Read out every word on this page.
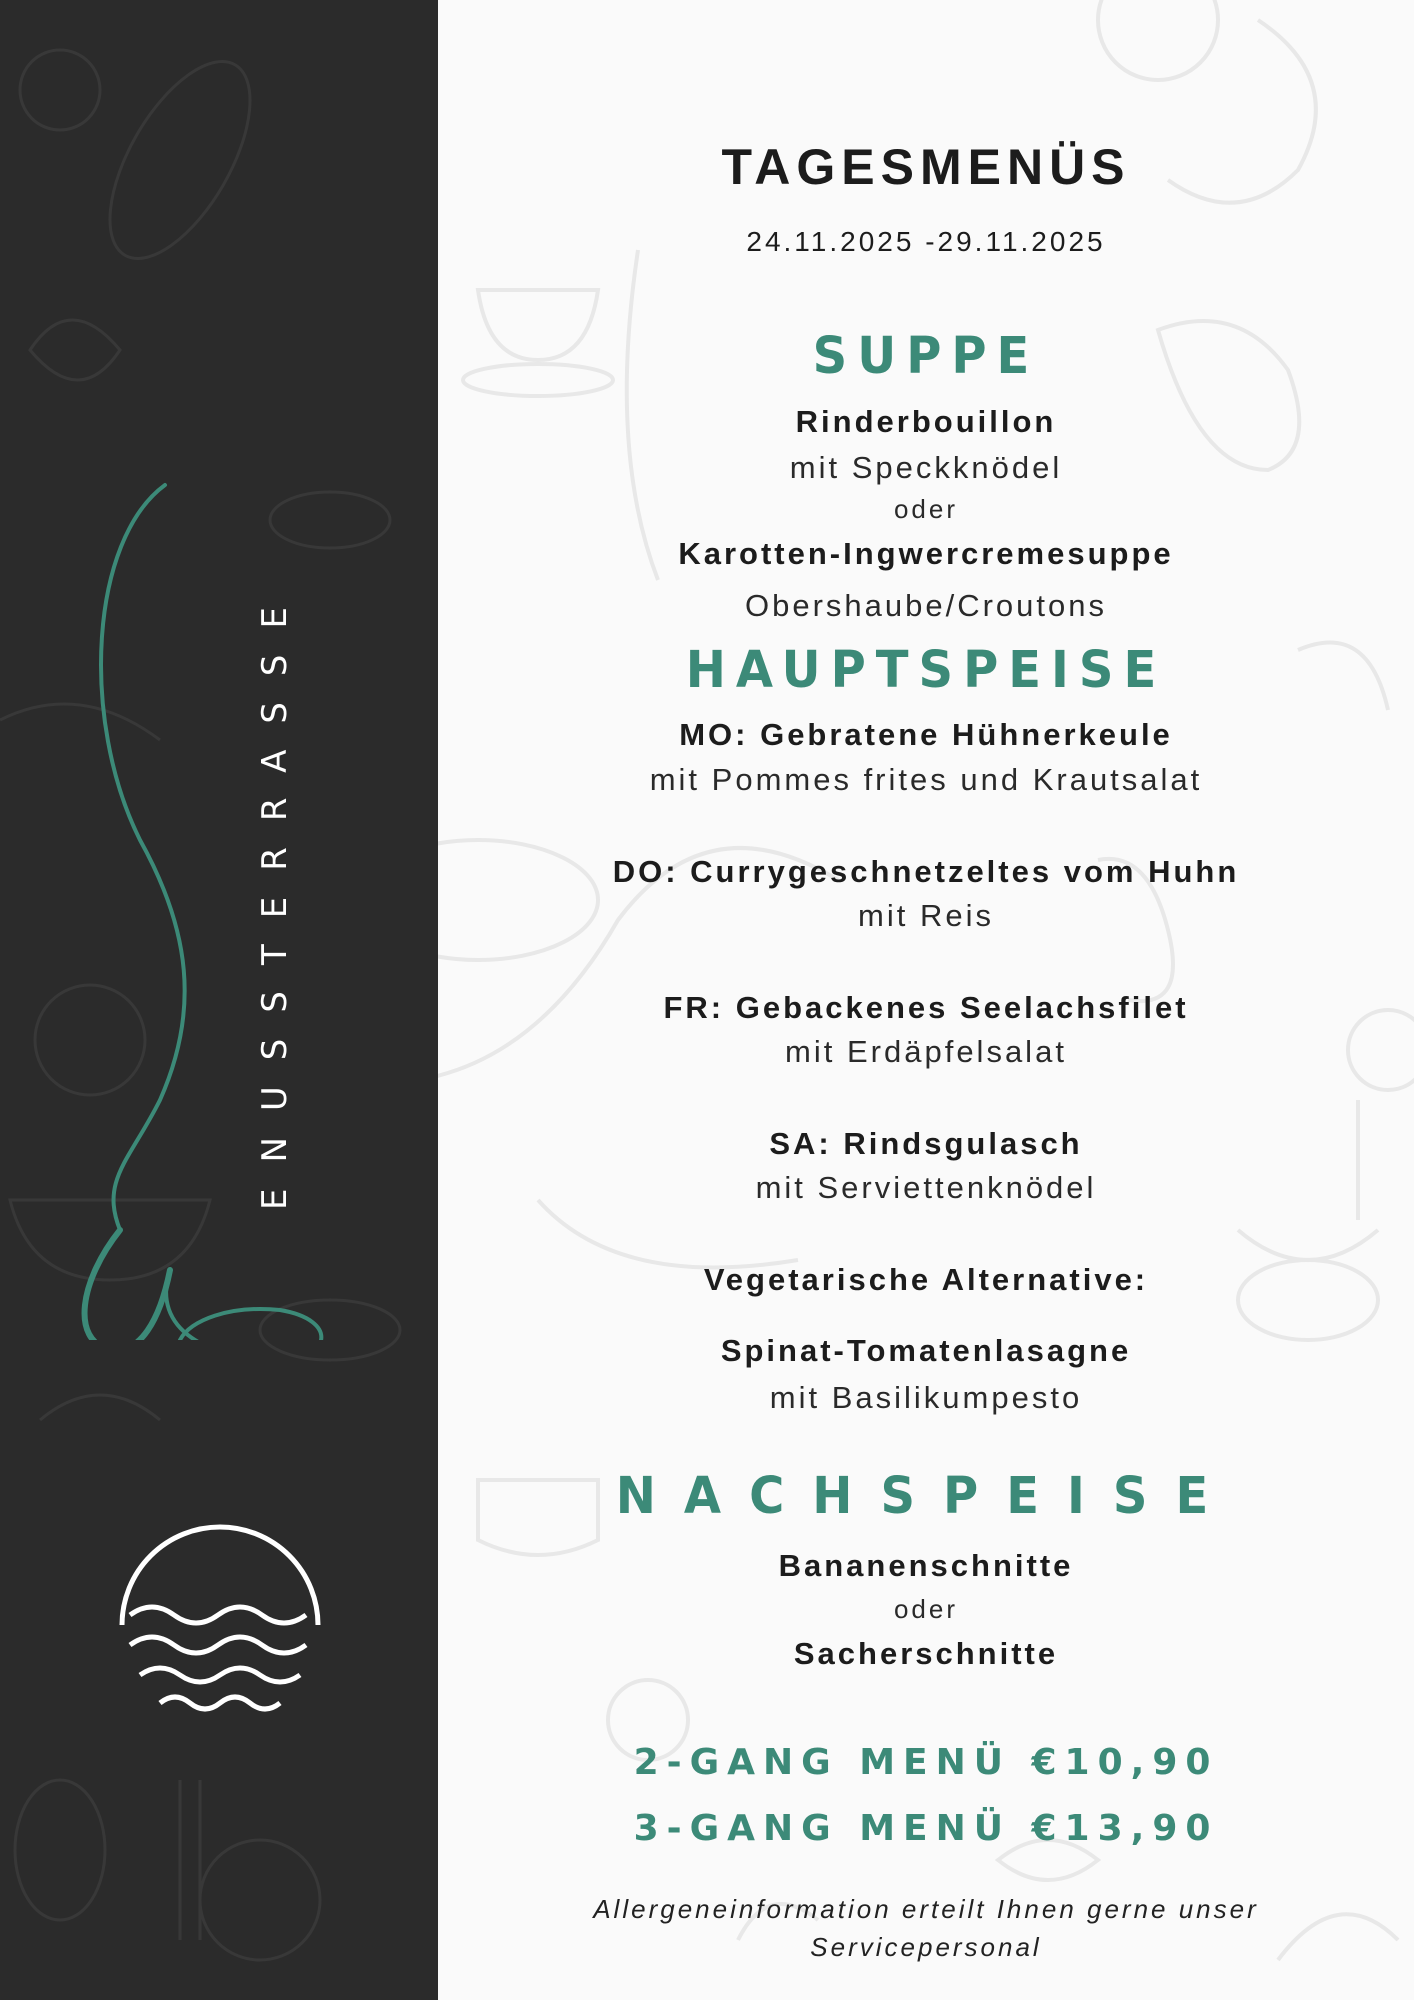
ENUSSTERRASSE
TAGESMENÜS
24.11.2025 -29.11.2025
SUPPE
Rinderbouillon
mit Speckknödel
oder
Karotten-Ingwercremesuppe
Obershaube/Croutons
HAUPTSPEISE
MO: Gebratene Hühnerkeule
mit Pommes frites und Krautsalat
DO: Currygeschnetzeltes vom Huhn
mit Reis
FR: Gebackenes Seelachsfilet
mit Erdäpfelsalat
SA: Rindsgulasch
mit Serviettenknödel
Vegetarische Alternative:
Spinat-Tomatenlasagne
mit Basilikumpesto
NACHSPEISE
Bananenschnitte
oder
Sacherschnitte
2-GANG MENÜ €10,90
3-GANG MENÜ €13,90
Allergeneinformation erteilt Ihnen gerne unser Servicepersonal
